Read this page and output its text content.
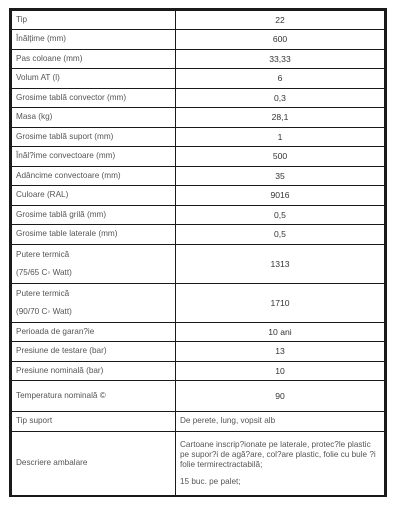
Tip	22
Înălțime (mm)	600
Pas coloane (mm)	33,33
Volum AT (l)	6
Grosime tablă convector (mm)	0,3
Masa (kg)	28,1
Grosime tablă suport (mm)	1
Înăl?ime convectoare (mm)	500
Adâncime convectoare (mm)	35
Culoare (RAL)	9016
Grosime tablă grilă (mm)	0,5
Grosime table laterale (mm)	0,5

Putere termică
(75/65 C◦ Watt)	1313

Putere termică
(90/70 C◦ Watt)	1710
Perioada de garan?ie	10 ani
Presiune de testare (bar)	13
Presiune nominală (bar)	10
Temperatura nominală ©	90
Tip suport	De perete, lung, vopsit alb
Descriere ambalare	Cartoane inscrip?ionate pe laterale, protec?le plastic pe supor?i de agă?are, col?are plastic, folie cu bule ?i folie termirectractabilă;
15 buc. pe palet;
